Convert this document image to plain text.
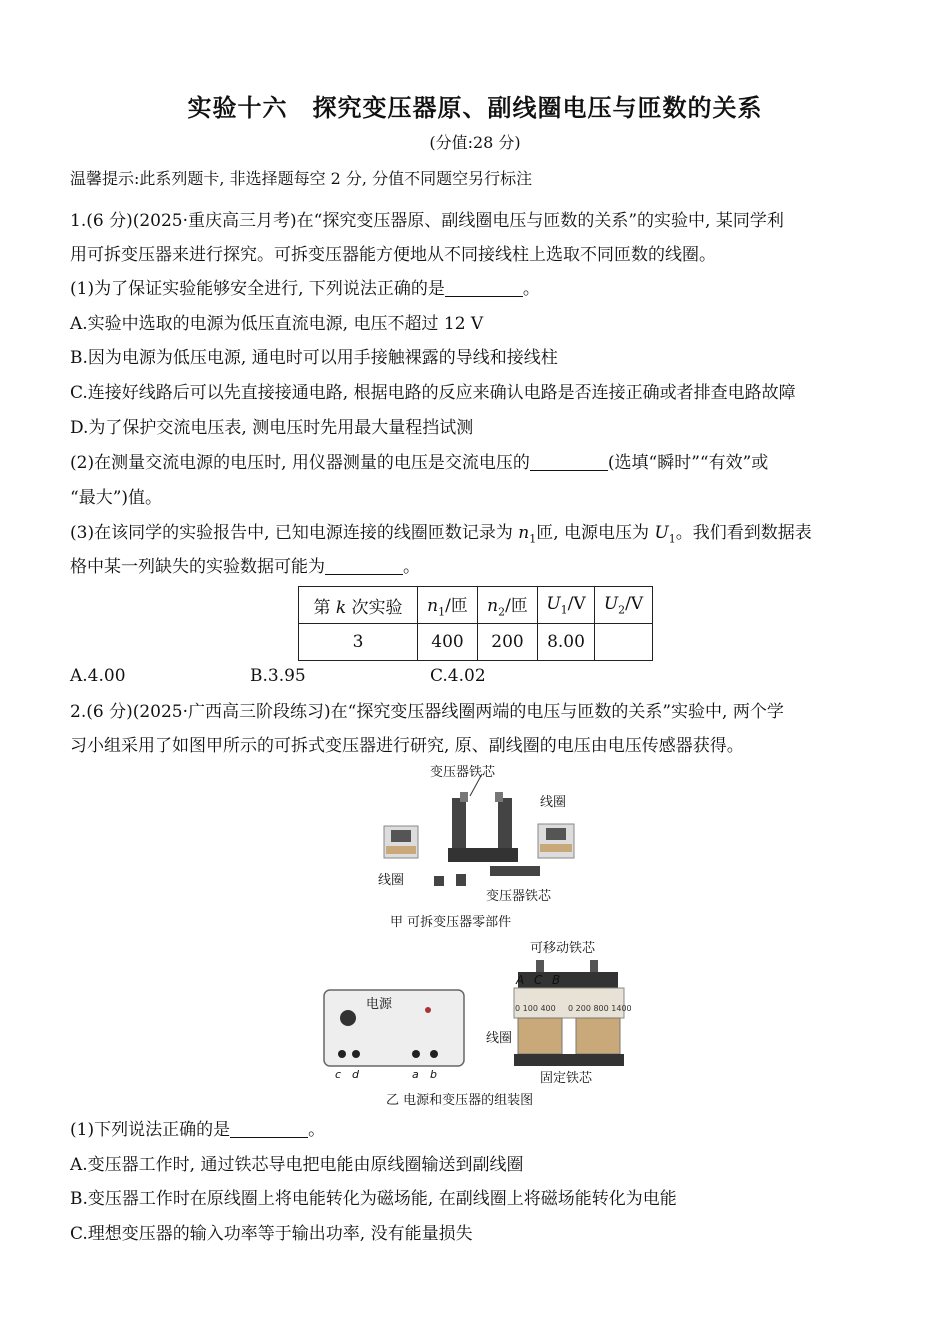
实验十六　探究变压器原、副线圈电压与匝数的关系
(分值:28 分)
温馨提示:此系列题卡, 非选择题每空 2 分, 分值不同题空另行标注
1.(6 分)(2025·重庆高三月考)在“探究变压器原、副线圈电压与匝数的关系”的实验中, 某同学利
用可拆变压器来进行探究。可拆变压器能方便地从不同接线柱上选取不同匝数的线圈。
(1)为了保证实验能够安全进行, 下列说法正确的是	。
A.实验中选取的电源为低压直流电源, 电压不超过 12 V
B.因为电源为低压电源, 通电时可以用手接触裸露的导线和接线柱
C.连接好线路后可以先直接接通电路, 根据电路的反应来确认电路是否连接正确或者排查电路故障
D.为了保护交流电压表, 测电压时先用最大量程挡试测
(2)在测量交流电源的电压时, 用仪器测量的电压是交流电压的	(选填“瞬时”“有效”或
“最大”)值。
(3)在该同学的实验报告中, 已知电源连接的线圈匝数记录为 $n_1$匝, 电源电压为 $U_1$。我们看到数据表
格中某一列缺失的实验数据可能为	。
第 k 次实验	$n_1/$匝	$n_2/$匝	$U_1/V$	$U_2/V$
3	400	200	8.00	
A.4.00	B.3.95	C.4.02
2.(6 分)(2025·广西高三阶段练习)在“探究变压器线圈两端的电压与匝数的关系”实验中, 两个学
习小组采用了如图甲所示的可拆式变压器进行研究, 原、副线圈的电压由电压传感器获得。
变压器铁芯
线圈
线圈
变压器铁芯
甲 可拆变压器零部件
电源
c d	a b
可移动铁芯
0 100 400 0 200 800 1400
A C B
线圈
固定铁芯
乙 电源和变压器的组装图
(1)下列说法正确的是	。
A.变压器工作时, 通过铁芯导电把电能由原线圈输送到副线圈
B.变压器工作时在原线圈上将电能转化为磁场能, 在副线圈上将磁场能转化为电能
C.理想变压器的输入功率等于输出功率, 没有能量损失
